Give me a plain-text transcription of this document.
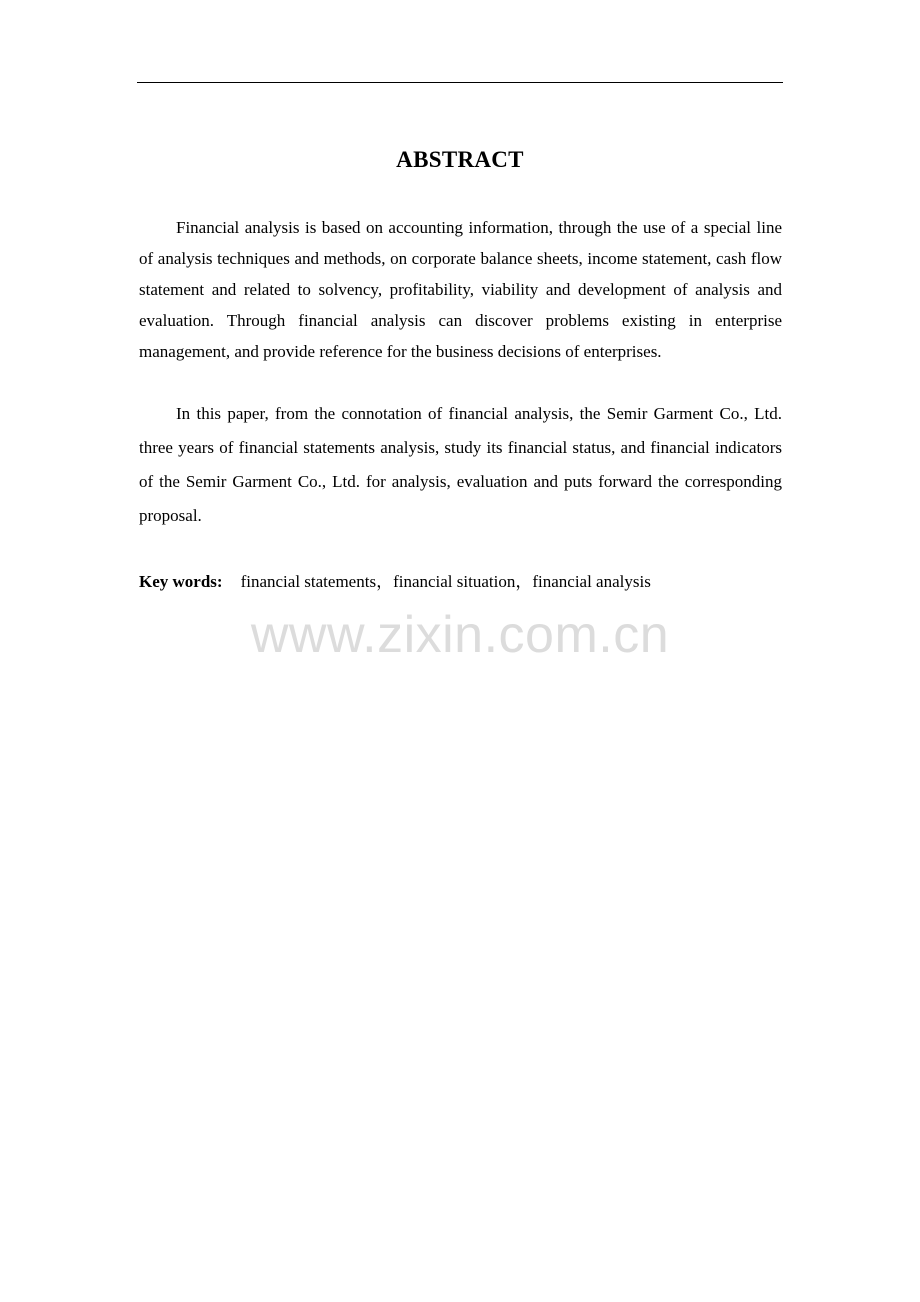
ABSTRACT

Financial analysis is based on accounting information, through the use of a special line of analysis techniques and methods, on corporate balance sheets, income statement, cash flow statement and related to solvency, profitability, viability and development of analysis and evaluation. Through financial analysis can discover problems existing in enterprise management, and provide reference for the business decisions of enterprises.

In this paper, from the connotation of financial analysis, the Semir Garment Co., Ltd. three years of financial statements analysis, study its financial status, and financial indicators of the Semir Garment Co., Ltd. for analysis, evaluation and puts forward the corresponding proposal.

Key words: financial statements，financial situation，financial analysis
www.zixin.com.cn
